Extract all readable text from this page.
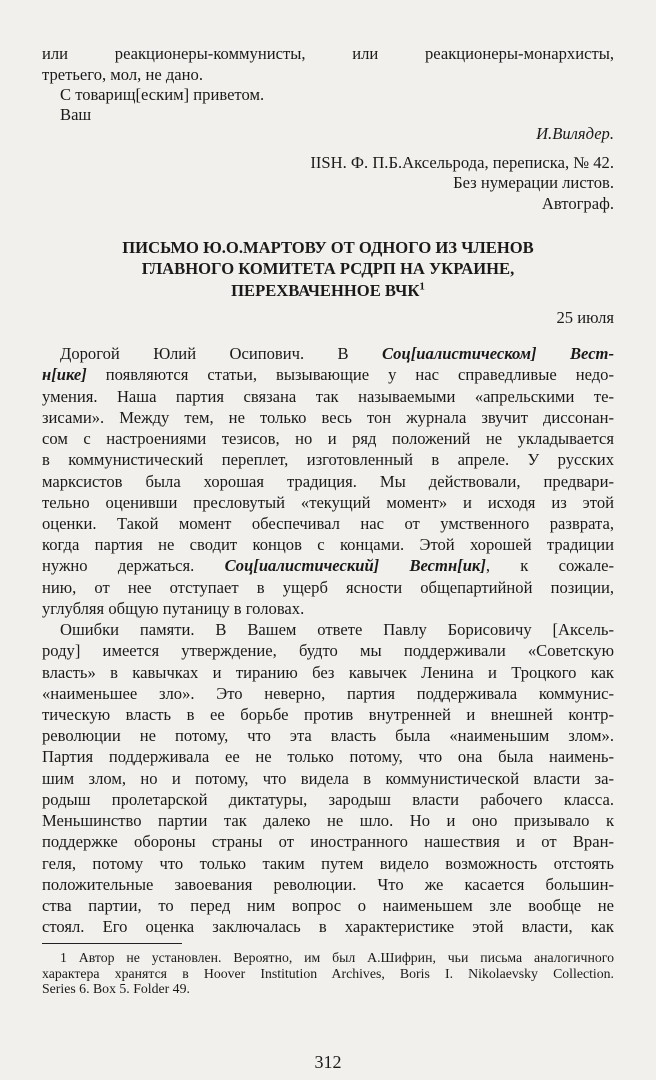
или реакционеры-коммунисты, или реакционеры-монархисты,
третьего, мол, не дано.
С товарищ[еским] приветом.
Ваш
И.Вилядер.
IISH. Ф. П.Б.Аксельрода, переписка, № 42.
Без нумерации листов.
Автограф.
ПИСЬМО Ю.О.МАРТОВУ ОТ ОДНОГО ИЗ ЧЛЕНОВ
ГЛАВНОГО КОМИТЕТА РСДРП НА УКРАИНЕ,
ПЕРЕХВАЧЕННОЕ ВЧК$^1$
25 июля
Дорогой Юлий Осипович. В Соц[иалистическом] Вест-
н[ике] появляются статьи, вызывающие у нас справедливые недо-
умения. Наша партия связана так называемыми «апрельскими те-
зисами». Между тем, не только весь тон журнала звучит диссонан-
сом с настроениями тезисов, но и ряд положений не укладывается
в коммунистический переплет, изготовленный в апреле. У русских
марксистов была хорошая традиция. Мы действовали, предвари-
тельно оценивши пресловутый «текущий момент» и исходя из этой
оценки. Такой момент обеспечивал нас от умственного разврата,
когда партия не сводит концов с концами. Этой хорошей традиции
нужно держаться. Соц[иалистический] Вестн[ик], к сожале-
нию, от нее отступает в ущерб ясности общепартийной позиции,
углубляя общую путаницу в головах.
Ошибки памяти. В Вашем ответе Павлу Борисовичу [Аксель-
роду] имеется утверждение, будто мы поддерживали «Советскую
власть» в кавычках и тиранию без кавычек Ленина и Троцкого как
«наименьшее зло». Это неверно, партия поддерживала коммунис-
тическую власть в ее борьбе против внутренней и внешней контр-
революции не потому, что эта власть была «наименьшим злом».
Партия поддерживала ее не только потому, что она была наимень-
шим злом, но и потому, что видела в коммунистической власти за-
родыш пролетарской диктатуры, зародыш власти рабочего класса.
Меньшинство партии так далеко не шло. Но и оно призывало к
поддержке обороны страны от иностранного нашествия и от Вран-
геля, потому что только таким путем видело возможность отстоять
положительные завоевания революции. Что же касается большин-
ства партии, то перед ним вопрос о наименьшем зле вообще не
стоял. Его оценка заключалась в характеристике этой власти, как
1 Автор не установлен. Вероятно, им был А.Шифрин, чьи письма аналогичного
характера хранятся в Hoover Institution Archives, Boris I. Nikolaevsky Collection.
Series 6. Box 5. Folder 49.
312
